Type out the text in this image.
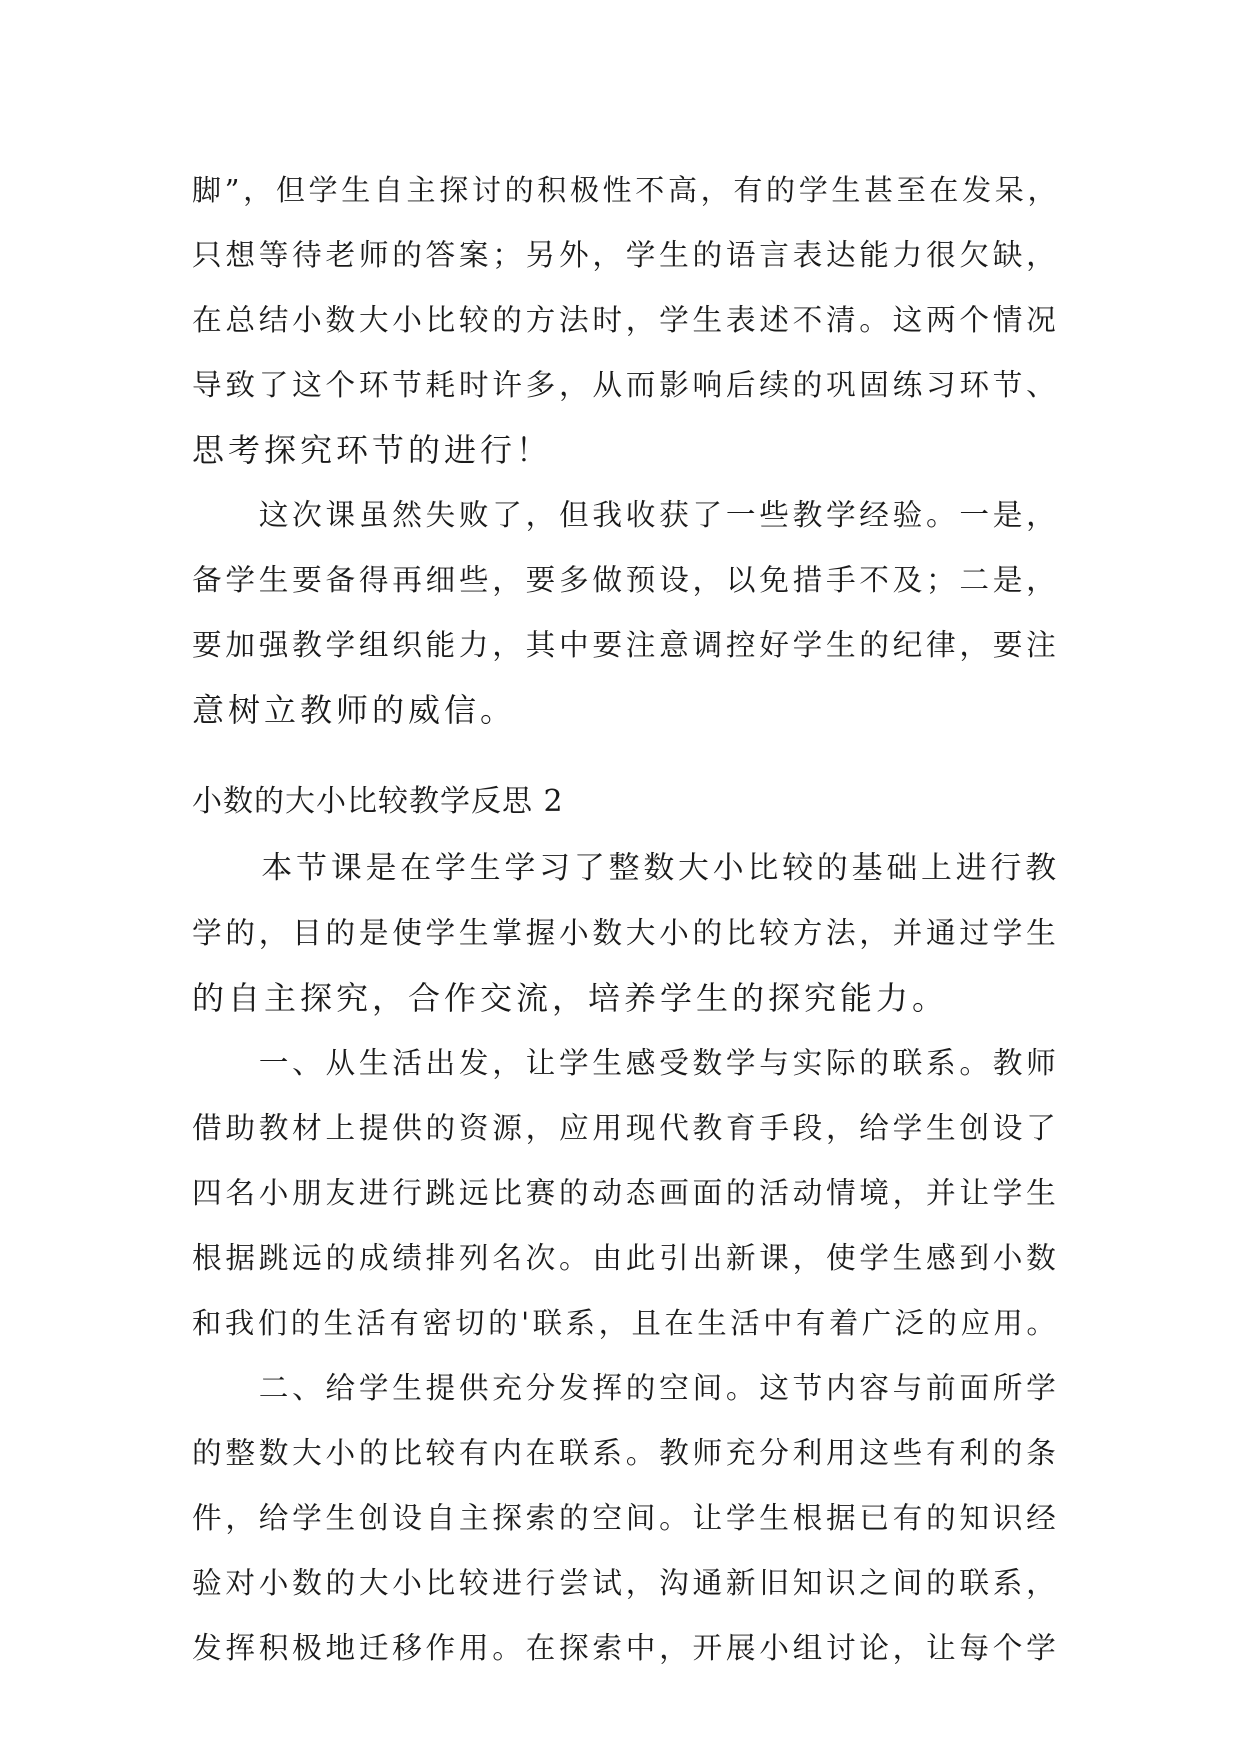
脚”，但学生自主探讨的积极性不高，有的学生甚至在发呆，
只想等待老师的答案；另外，学生的语言表达能力很欠缺，
在总结小数大小比较的方法时，学生表述不清。这两个情况
导致了这个环节耗时许多，从而影响后续的巩固练习环节、
思考探究环节的进行！
　　这次课虽然失败了，但我收获了一些教学经验。一是，
备学生要备得再细些，要多做预设，以免措手不及；二是，
要加强教学组织能力，其中要注意调控好学生的纪律，要注
意树立教师的威信。
小数的大小比较教学反思 2
　　本节课是在学生学习了整数大小比较的基础上进行教
学的，目的是使学生掌握小数大小的比较方法，并通过学生
的自主探究，合作交流，培养学生的探究能力。
　　一、从生活出发，让学生感受数学与实际的联系。教师
借助教材上提供的资源，应用现代教育手段，给学生创设了
四名小朋友进行跳远比赛的动态画面的活动情境，并让学生
根据跳远的成绩排列名次。由此引出新课，使学生感到小数
和我们的生活有密切的'联系，且在生活中有着广泛的应用。
　　二、给学生提供充分发挥的空间。这节内容与前面所学
的整数大小的比较有内在联系。教师充分利用这些有利的条
件，给学生创设自主探索的空间。让学生根据已有的知识经
验对小数的大小比较进行尝试，沟通新旧知识之间的联系，
发挥积极地迁移作用。在探索中，开展小组讨论，让每个学
